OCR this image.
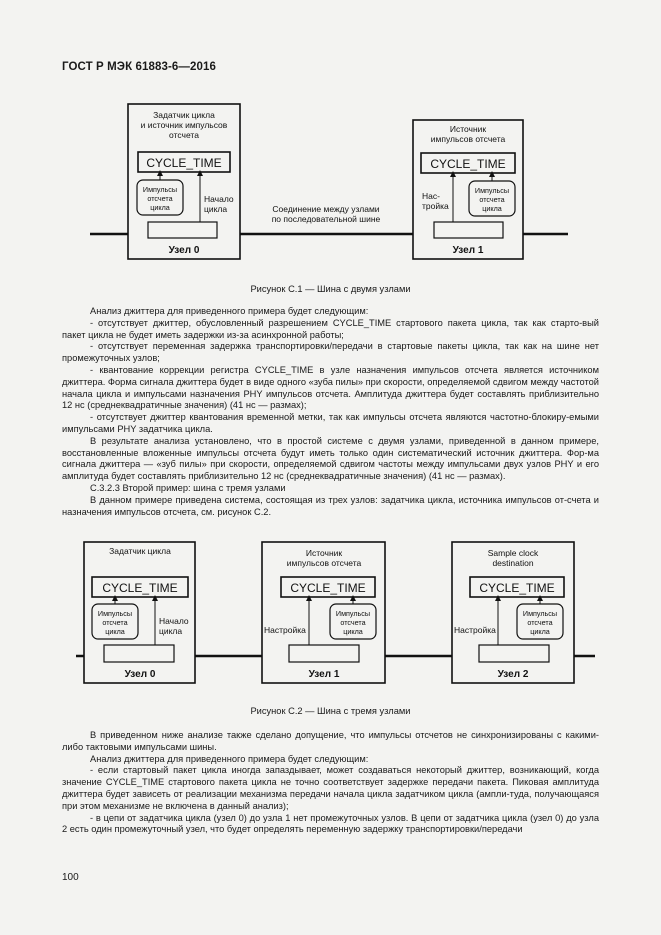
ГОСТ Р МЭК 61883-6—2016
Задатчик цикла
и источник импульсов
отсчета
CYCLE_TIME
Импульсы
отсчета
цикла
Начало
цикла
Узел 0
Соединение между узлами
по последовательной шине
Источник
импульсов отсчета
CYCLE_TIME
Импульсы
отсчета
цикла
Нас-
тройка
Узел 1
Рисунок С.1 — Шина с двумя узлами

Анализ джиттера для приведенного примера будет следующим:

- отсутствует джиттер, обусловленный разрешением CYCLE_TIME стартового пакета цикла, так как старто-вый пакет цикла не будет иметь задержки из-за асинхронной работы;

- отсутствует переменная задержка транспортировки/передачи в стартовые пакеты цикла, так как на шине нет промежуточных узлов;

- квантование коррекции регистра CYCLE_TIME в узле назначения импульсов отсчета является источником джиттера. Форма сигнала джиттера будет в виде одного «зуба пилы» при скорости, определяемой сдвигом между частотой начала цикла и импульсами назначения PHY импульсов отсчета. Амплитуда джиттера будет составлять приблизительно 12 нс (среднеквадратичные значения) (41 нс — размах);

- отсутствует джиттер квантования временной метки, так как импульсы отсчета являются частотно-блокиру-емыми импульсами PHY задатчика цикла.

В результате анализа установлено, что в простой системе с двумя узлами, приведенной в данном примере, восстановленные вложенные импульсы отсчета будут иметь только один систематический источник джиттера. Фор-ма сигнала джиттера — «зуб пилы» при скорости, определяемой сдвигом частоты между импульсами двух узлов PHY и его амплитуда будет составлять приблизительно 12 нс (среднеквадратичные значения) (41 нс — размах).

С.3.2.3 Второй пример: шина с тремя узлами

В данном примере приведена система, состоящая из трех узлов: задатчика цикла, источника импульсов от-счета и назначения импульсов отсчета, см. рисунок С.2.

Задатчик цикла
CYCLE_TIME
Импульсы
отсчета
цикла
Начало
цикла
Узел 0
Источник
импульсов отсчета
CYCLE_TIME
Импульсы
отсчета
цикла
Настройка
Узел 1
Sample clock
destination
CYCLE_TIME
Импульсы
отсчета
цикла
Настройка
Узел 2
Рисунок С.2 — Шина с тремя узлами

В приведенном ниже анализе также сделано допущение, что импульсы отсчетов не синхронизированы с какими-либо тактовыми импульсами шины.

Анализ джиттера для приведенного примера будет следующим:

- если стартовый пакет цикла иногда запаздывает, может создаваться некоторый джиттер, возникающий, когда значение CYCLE_TIME стартового пакета цикла не точно соответствует задержке передачи пакета. Пиковая амплитуда джиттера будет зависеть от реализации механизма передачи начала цикла задатчиком цикла (ампли-туда, получающаяся при этом механизме не включена в данный анализ);

- в цепи от задатчика цикла (узел 0) до узла 1 нет промежуточных узлов. В цепи от задатчика цикла (узел 0) до узла 2 есть один промежуточный узел, что будет определять переменную задержку транспортировки/передачи

100
